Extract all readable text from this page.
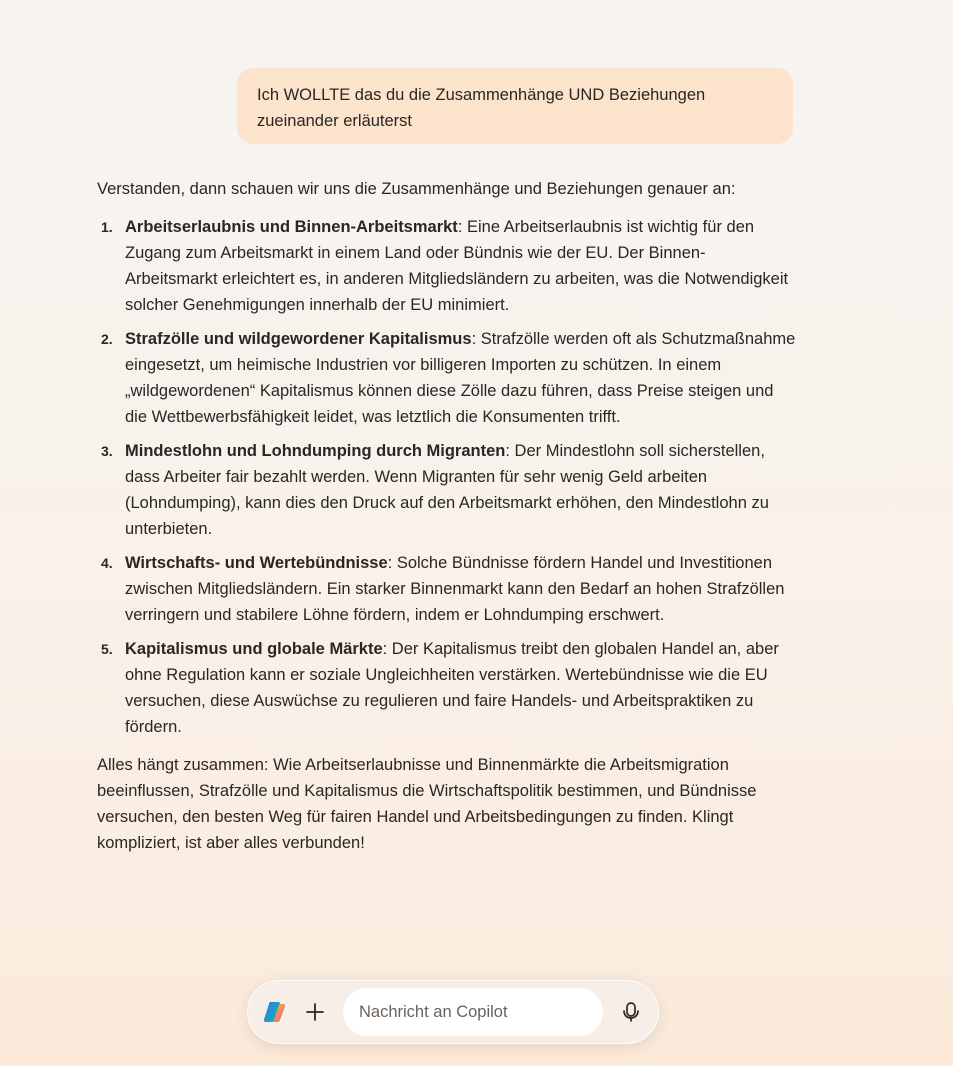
Ich WOLLTE das du die Zusammenhänge UND Beziehungen
zueinander erläuterst

Verstanden, dann schauen wir uns die Zusammenhänge und Beziehungen genauer an:

1. Arbeitserlaubnis und Binnen-Arbeitsmarkt: Eine Arbeitserlaubnis ist wichtig für den Zugang zum Arbeitsmarkt in einem Land oder Bündnis wie der EU. Der Binnen-Arbeitsmarkt erleichtert es, in anderen Mitgliedsländern zu arbeiten, was die Notwendigkeit solcher Genehmigungen innerhalb der EU minimiert.
2. Strafzölle und wildgewordener Kapitalismus: Strafzölle werden oft als Schutzmaßnahme eingesetzt, um heimische Industrien vor billigeren Importen zu schützen. In einem „wildgewordenen“ Kapitalismus können diese Zölle dazu führen, dass Preise steigen und die Wettbewerbsfähigkeit leidet, was letztlich die Konsumenten trifft.
3. Mindestlohn und Lohndumping durch Migranten: Der Mindestlohn soll sicherstellen, dass Arbeiter fair bezahlt werden. Wenn Migranten für sehr wenig Geld arbeiten (Lohndumping), kann dies den Druck auf den Arbeitsmarkt erhöhen, den Mindestlohn zu unterbieten.
4. Wirtschafts- und Wertebündnisse: Solche Bündnisse fördern Handel und Investitionen zwischen Mitgliedsländern. Ein starker Binnenmarkt kann den Bedarf an hohen Strafzöllen verringern und stabilere Löhne fördern, indem er Lohndumping erschwert.
5. Kapitalismus und globale Märkte: Der Kapitalismus treibt den globalen Handel an, aber ohne Regulation kann er soziale Ungleichheiten verstärken. Wertebündnisse wie die EU versuchen, diese Auswüchse zu regulieren und faire Handels- und Arbeitspraktiken zu fördern.

Alles hängt zusammen: Wie Arbeitserlaubnisse und Binnenmärkte die Arbeitsmigration beeinflussen, Strafzölle und Kapitalismus die Wirtschaftspolitik bestimmen, und Bündnisse versuchen, den besten Weg für fairen Handel und Arbeitsbedingungen zu finden. Klingt kompliziert, ist aber alles verbunden!

Nachricht an Copilot
